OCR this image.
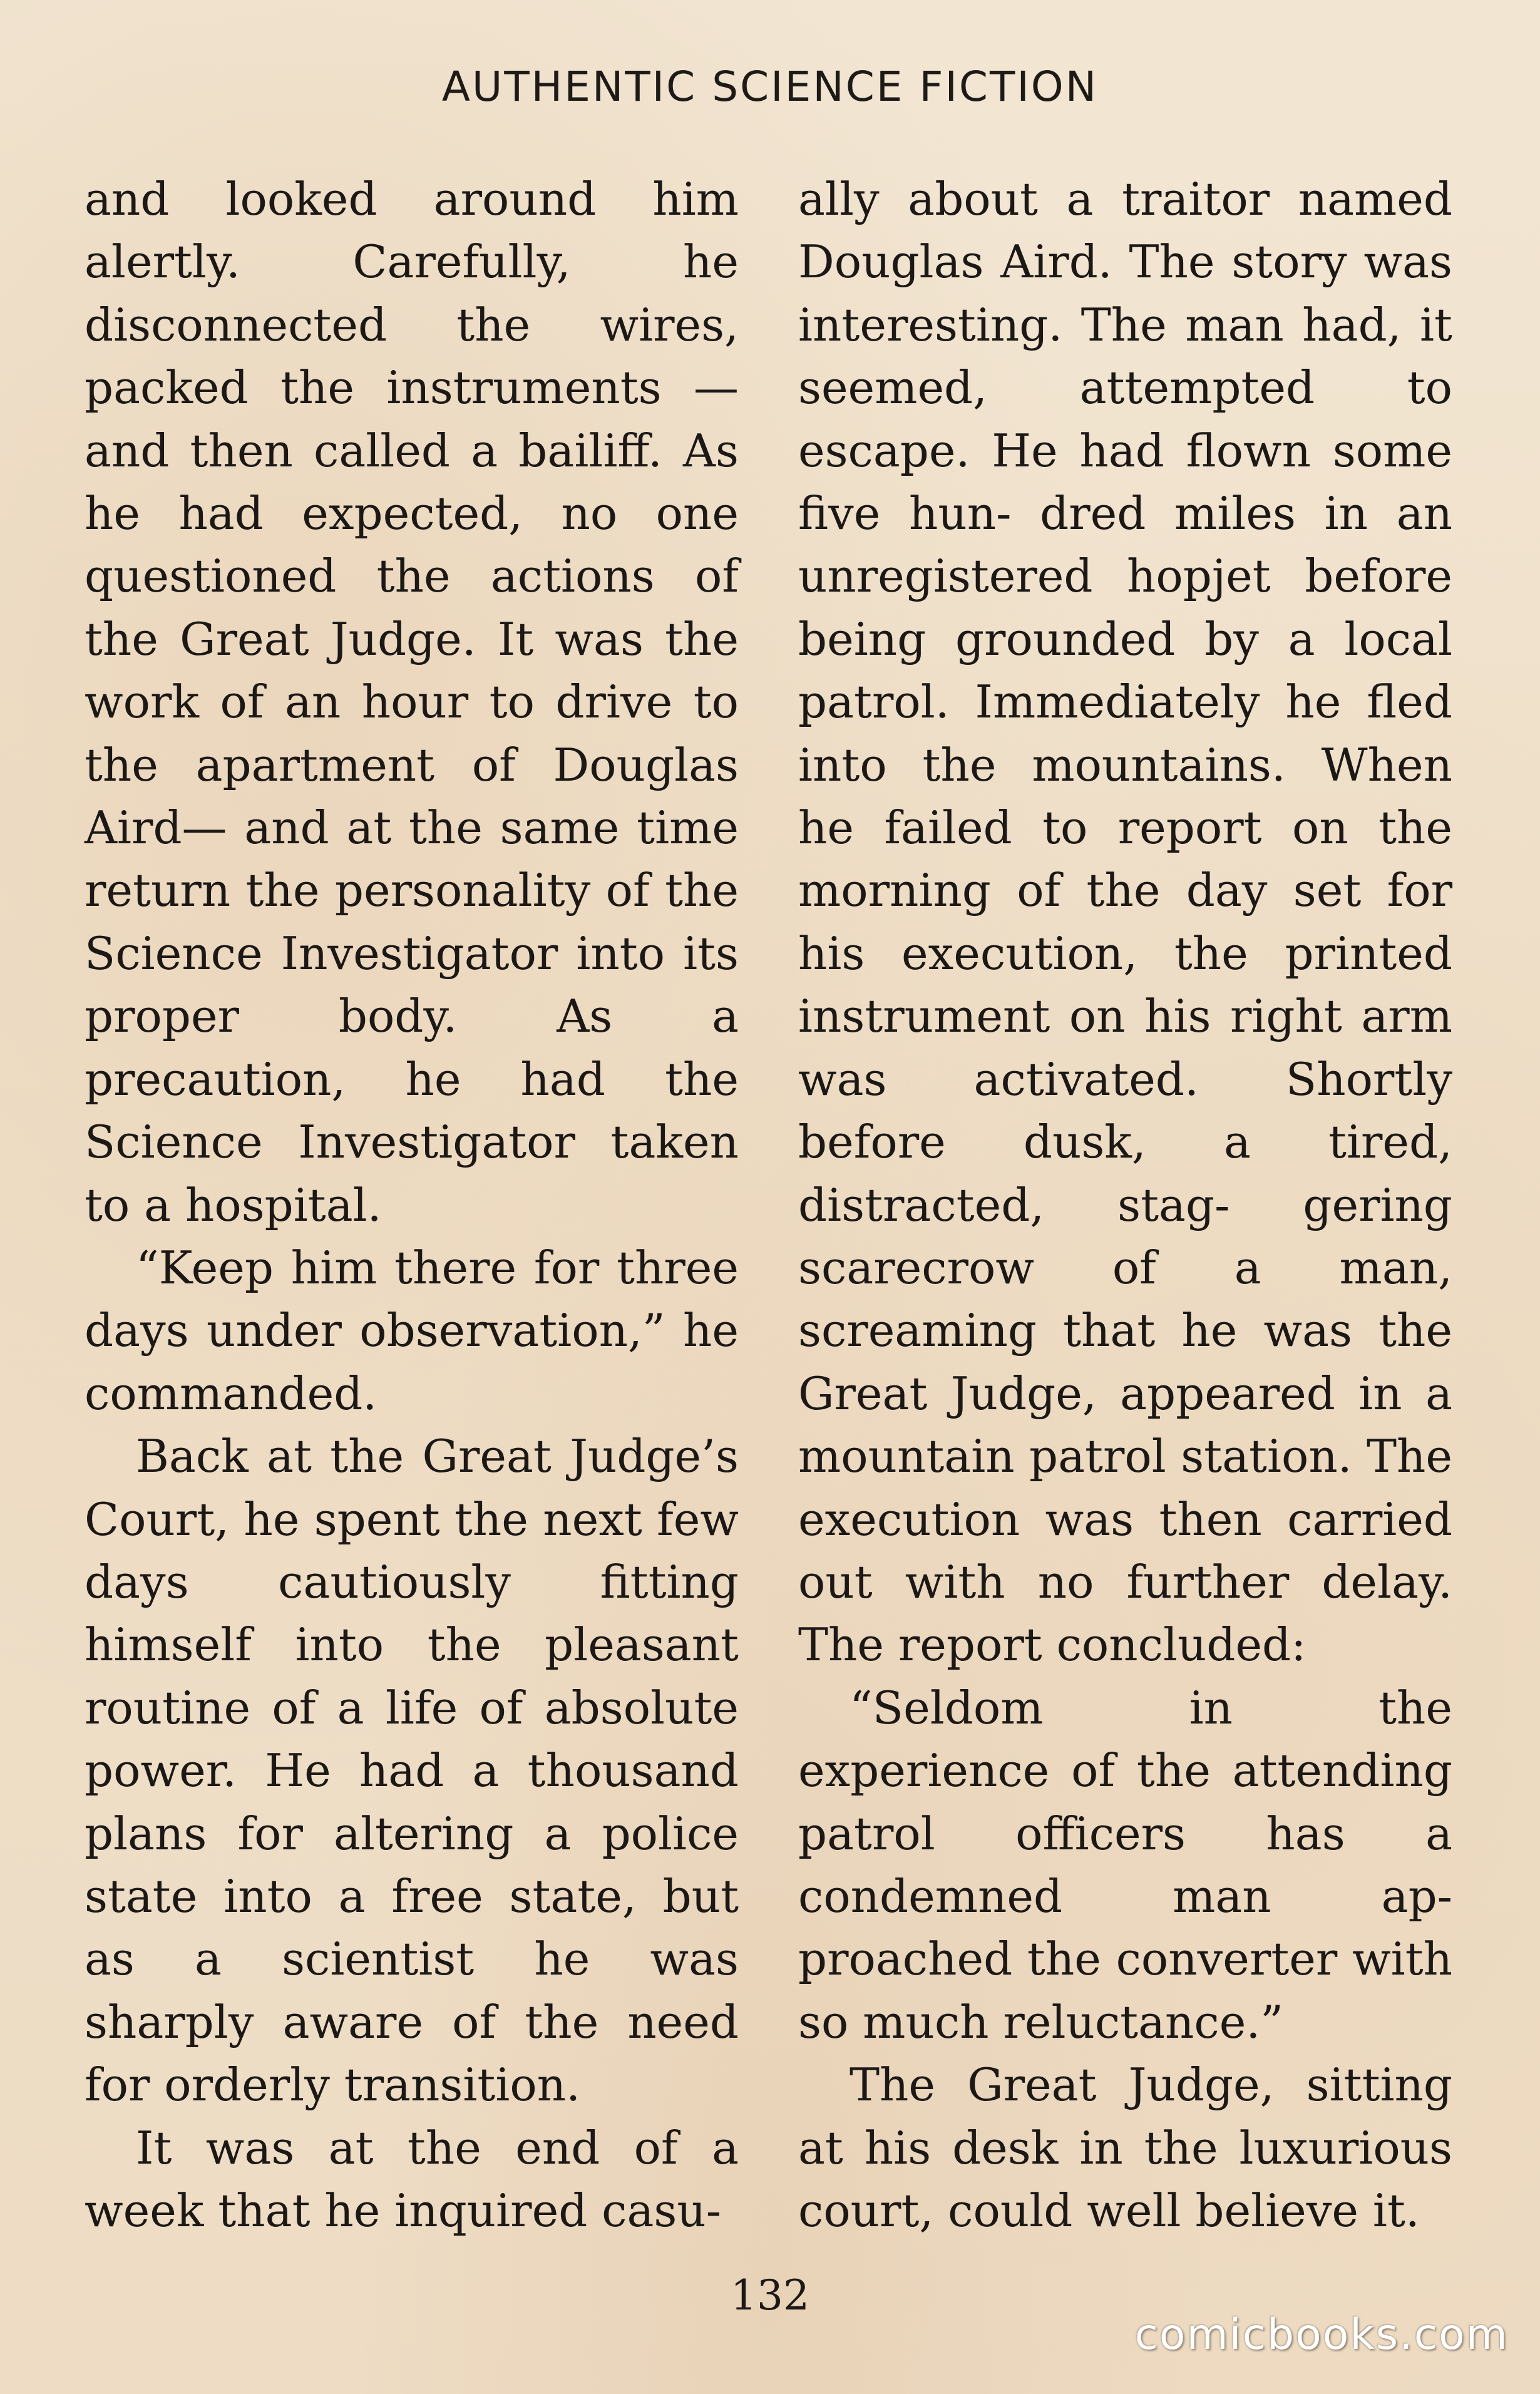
AUTHENTIC SCIENCE FICTION

and looked around him alertly. Carefully, he disconnected the wires, packed the instruments —and then called a bailiff. As he had expected, no one questioned the actions of the Great Judge. It was the work of an hour to drive to the apartment of Douglas Aird— and at the same time return the personality of the Science Investigator into its proper body. As a precaution, he had the Science Investigator taken to a hospital.

“Keep him there for three days under observation,” he commanded.

Back at the Great Judge’s Court, he spent the next few days cautiously fitting himself into the pleasant routine of a life of absolute power. He had a thousand plans for altering a police state into a free state, but as a scientist he was sharply aware of the need for orderly transition.

It was at the end of a week that he inquired casu-

ally about a traitor named Douglas Aird. The story was interesting. The man had, it seemed, attempted to escape. He had flown some five hun- dred miles in an unregistered hopjet before being grounded by a local patrol. Immediately he fled into the mountains. When he failed to report on the morning of the day set for his execution, the printed instrument on his right arm was activated. Shortly before dusk, a tired, distracted, stag- gering scarecrow of a man, screaming that he was the Great Judge, appeared in a mountain patrol station. The execution was then carried out with no further delay. The report concluded:

“Seldom in the experience of the attending patrol officers has a condemned man ap- proached the converter with so much reluctance.”

The Great Judge, sitting at his desk in the luxurious court, could well believe it.

132
comicbooks.com
